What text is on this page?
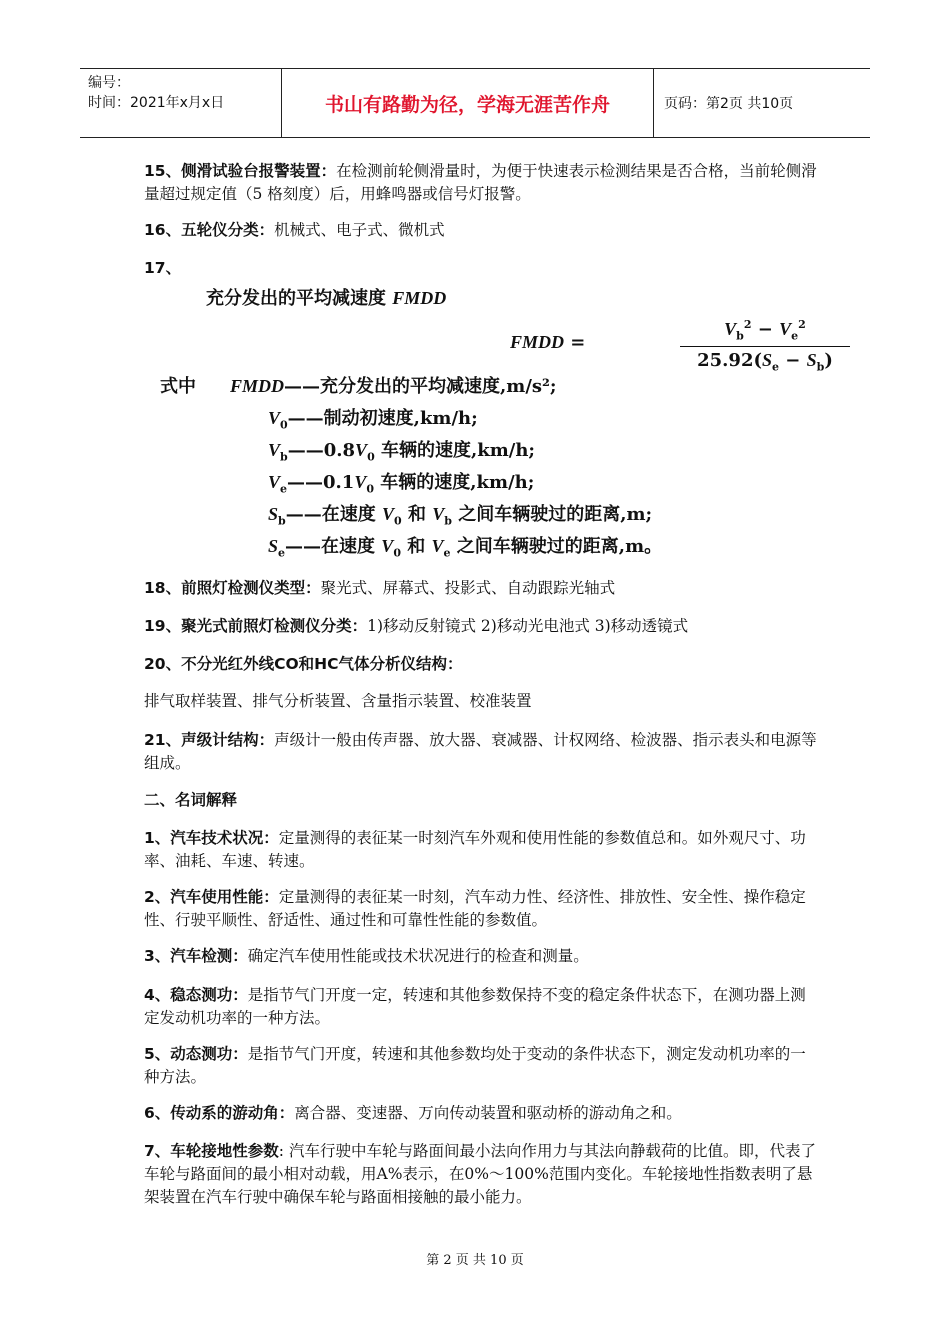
编号：
时间：2021年x月x日	书山有路勤为径，学海无涯苦作舟	页码：第2页 共10页
15、侧滑试验台报警装置：在检测前轮侧滑量时，为便于快速表示检测结果是否合格，当前轮侧滑量超过规定值（5 格刻度）后，用蜂鸣器或信号灯报警。
16、五轮仪分类：机械式、电子式、微机式
17、
充分发出的平均减速度 FMDD
FMDD =
$V_b^2 - V_e^2$
$25.92(S_e - S_b)$
式中 FMDD——充分发出的平均减速度,m/s²;
$V_0——$制动初速度,km/h;
$V_b——0.8V_0$ 车辆的速度,km/h;
$V_e——0.1V_0$ 车辆的速度,km/h;
$S_b——$在速度 $V_0$ 和 $V_b$ 之间车辆驶过的距离,m;
$S_e——$在速度 $V_0$ 和 $V_e$ 之间车辆驶过的距离,m。
18、前照灯检测仪类型：聚光式、屏幕式、投影式、自动跟踪光轴式
19、聚光式前照灯检测仪分类：1)移动反射镜式 2)移动光电池式 3)移动透镜式
20、不分光红外线CO和HC气体分析仪结构：
排气取样装置、排气分析装置、含量指示装置、校准装置
21、声级计结构：声级计一般由传声器、放大器、衰减器、计权网络、检波器、指示表头和电源等组成。
二、名词解释
1、汽车技术状况：定量测得的表征某一时刻汽车外观和使用性能的参数值总和。如外观尺寸、功率、油耗、车速、转速。
2、汽车使用性能：定量测得的表征某一时刻，汽车动力性、经济性、排放性、安全性、操作稳定性、行驶平顺性、舒适性、通过性和可靠性性能的参数值。
3、汽车检测：确定汽车使用性能或技术状况进行的检查和测量。
4、稳态测功：是指节气门开度一定，转速和其他参数保持不变的稳定条件状态下，在测功器上测定发动机功率的一种方法。
5、动态测功：是指节气门开度，转速和其他参数均处于变动的条件状态下，测定发动机功率的一种方法。
6、传动系的游动角：离合器、变速器、万向传动装置和驱动桥的游动角之和。
7、车轮接地性参数: 汽车行驶中车轮与路面间最小法向作用力与其法向静载荷的比值。即，代表了车轮与路面间的最小相对动载，用A%表示，在0%～100%范围内变化。车轮接地性指数表明了悬架装置在汽车行驶中确保车轮与路面相接触的最小能力。
第 2 页 共 10 页
